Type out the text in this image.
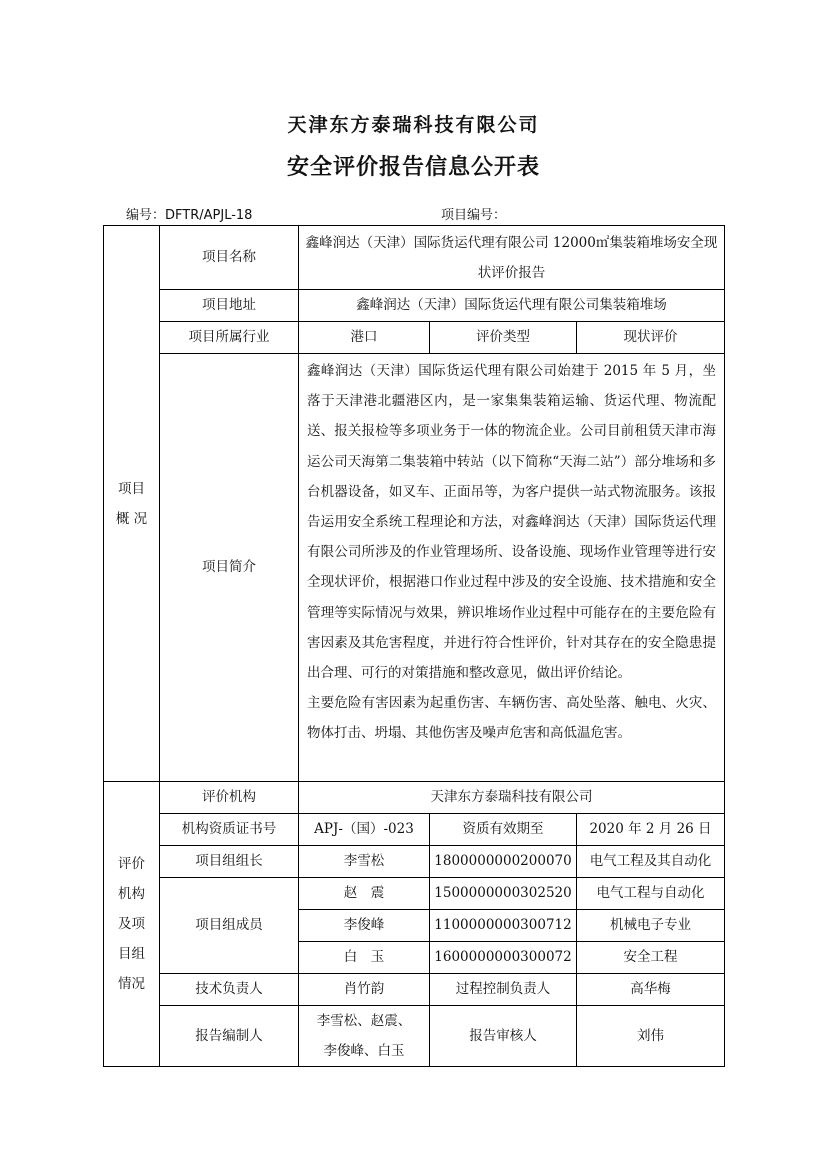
天津东方泰瑞科技有限公司
安全评价报告信息公开表
编号：DFTR/APJL-18	项目编号：
项目
概 况	项目名称	鑫峰润达（天津）国际货运代理有限公司 12000㎡集装箱堆场安全现状评价报告		
	项目地址	鑫峰润达（天津）国际货运代理有限公司集装箱堆场		
	项目所属行业	港口	评价类型	现状评价
	项目简介	鑫峰润达（天津）国际货运代理有限公司始建于 2015 年 5 月，坐落于天津港北疆港区内，是一家集集装箱运输、货运代理、物流配送、报关报检等多项业务于一体的物流企业。公司目前租赁天津市海运公司天海第二集装箱中转站（以下简称“天海二站”）部分堆场和多台机器设备，如叉车、正面吊等，为客户提供一站式物流服务。该报告运用安全系统工程理论和方法，对鑫峰润达（天津）国际货运代理有限公司所涉及的作业管理场所、设备设施、现场作业管理等进行安全现状评价，根据港口作业过程中涉及的安全设施、技术措施和安全管理等实际情况与效果，辨识堆场作业过程中可能存在的主要危险有害因素及其危害程度，并进行符合性评价，针对其存在的安全隐患提出合理、可行的对策措施和整改意见，做出评价结论。
主要危险有害因素为起重伤害、车辆伤害、高处坠落、触电、火灾、物体打击、坍塌、其他伤害及噪声危害和高低温危害。		

评价
机构
及项
目组
情况	评价机构	天津东方泰瑞科技有限公司		
	机构资质证书号	APJ-（国）-023	资质有效期至	2020 年 2 月 26 日
	项目组组长	李雪松	1800000000200070	电气工程及其自动化
	项目组成员	赵　震	1500000000302520	电气工程与自动化
		李俊峰	1100000000300712	机械电子专业
		白　玉	1600000000300072	安全工程
	技术负责人	肖竹韵	过程控制负责人	高华梅
	报告编制人	李雪松、赵震、
李俊峰、白玉	报告审核人	刘伟
